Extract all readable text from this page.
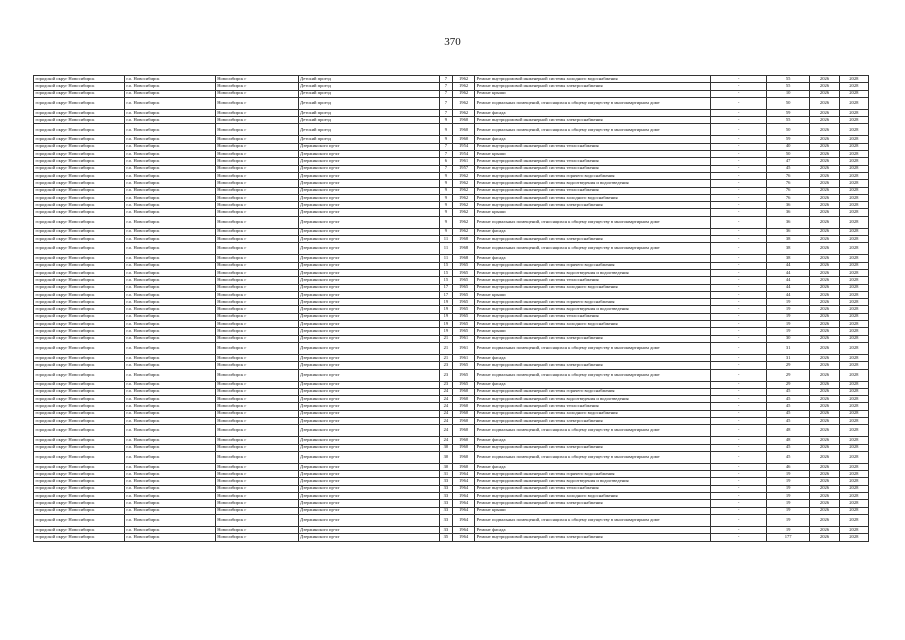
370
городской округ Новосибирск	г.о. Новосибирск	Новосибирск г	Детский проезд	7	1962	Ремонт внутридомовой инженерной системы холодного водоснабжения	-	55	2026	2028
городской округ Новосибирск	г.о. Новосибирск	Новосибирск г	Детский проезд	7	1962	Ремонт внутридомовой инженерной системы электроснабжения	-	55	2026	2028
городской округ Новосибирск	г.о. Новосибирск	Новосибирск г	Детский проезд	7	1962	Ремонт крыши	-	10	2026	2028
городской округ Новосибирск	г.о. Новосибирск	Новосибирск г	Детский проезд	7	1962	Ремонт подвальных помещений, относящихся к общему имуществу в многоквартирном доме	-	50	2026	2028
городской округ Новосибирск	г.о. Новосибирск	Новосибирск г	Детский проезд	7	1962	Ремонт фасада	-	59	2026	2028
городской округ Новосибирск	г.о. Новосибирск	Новосибирск г	Детский проезд	9	1960	Ремонт внутридомовой инженерной системы электроснабжения	-	55	2026	2028
городской округ Новосибирск	г.о. Новосибирск	Новосибирск г	Детский проезд	9	1960	Ремонт подвальных помещений, относящихся к общему имуществу в многоквартирном доме	-	50	2026	2028
городской округ Новосибирск	г.о. Новосибирск	Новосибирск г	Детский проезд	9	1960	Ремонт фасада	-	59	2026	2028
городской округ Новосибирск	г.о. Новосибирск	Новосибирск г	Дзержинского пр-кт	7	1954	Ремонт внутридомовой инженерной системы теплоснабжения	-	40	2026	2028
городской округ Новосибирск	г.о. Новосибирск	Новосибирск г	Дзержинского пр-кт	7	1954	Ремонт крыши	-	50	2026	2028
городской округ Новосибирск	г.о. Новосибирск	Новосибирск г	Дзержинского пр-кт	6	1961	Ремонт внутридомовой инженерной системы теплоснабжения	-	47	2026	2028
городской округ Новосибирск	г.о. Новосибирск	Новосибирск г	Дзержинского пр-кт	7	1957	Ремонт внутридомовой инженерной системы теплоснабжения	-	45	2026	2028
городской округ Новосибирск	г.о. Новосибирск	Новосибирск г	Дзержинского пр-кт	9	1962	Ремонт внутридомовой инженерной системы горячего водоснабжения	-	76	2026	2028
городской округ Новосибирск	г.о. Новосибирск	Новосибирск г	Дзержинского пр-кт	9	1962	Ремонт внутридомовой инженерной системы водоотведения и водоотведения	-	76	2026	2028
городской округ Новосибирск	г.о. Новосибирск	Новосибирск г	Дзержинского пр-кт	9	1962	Ремонт внутридомовой инженерной системы теплоснабжения	-	76	2026	2028
городской округ Новосибирск	г.о. Новосибирск	Новосибирск г	Дзержинского пр-кт	9	1962	Ремонт внутридомовой инженерной системы холодного водоснабжения	-	76	2026	2028
городской округ Новосибирск	г.о. Новосибирск	Новосибирск г	Дзержинского пр-кт	9	1962	Ремонт внутридомовой инженерной системы электроснабжения	-	36	2026	2028
городской округ Новосибирск	г.о. Новосибирск	Новосибирск г	Дзержинского пр-кт	9	1962	Ремонт крыши	-	36	2026	2028
городской округ Новосибирск	г.о. Новосибирск	Новосибирск г	Дзержинского пр-кт	9	1962	Ремонт подвальных помещений, относящихся к общему имуществу в многоквартирном доме	-	36	2026	2028
городской округ Новосибирск	г.о. Новосибирск	Новосибирск г	Дзержинского пр-кт	9	1962	Ремонт фасада	-	36	2026	2028
городской округ Новосибирск	г.о. Новосибирск	Новосибирск г	Дзержинского пр-кт	11	1968	Ремонт внутридомовой инженерной системы электроснабжения	-	38	2026	2028
городской округ Новосибирск	г.о. Новосибирск	Новосибирск г	Дзержинского пр-кт	11	1968	Ремонт подвальных помещений, относящихся к общему имуществу в многоквартирном доме	-	38	2026	2028
городской округ Новосибирск	г.о. Новосибирск	Новосибирск г	Дзержинского пр-кт	11	1968	Ремонт фасада	-	38	2026	2028
городской округ Новосибирск	г.о. Новосибирск	Новосибирск г	Дзержинского пр-кт	15	1965	Ремонт внутридомовой инженерной системы горячего водоснабжения	-	44	2026	2028
городской округ Новосибирск	г.о. Новосибирск	Новосибирск г	Дзержинского пр-кт	15	1965	Ремонт внутридомовой инженерной системы водоотведения и водоотведения	-	44	2026	2028
городской округ Новосибирск	г.о. Новосибирск	Новосибирск г	Дзержинского пр-кт	15	1965	Ремонт внутридомовой инженерной системы теплоснабжения	-	44	2026	2028
городской округ Новосибирск	г.о. Новосибирск	Новосибирск г	Дзержинского пр-кт	17	1965	Ремонт внутридомовой инженерной системы холодного водоснабжения	-	44	2026	2028
городской округ Новосибирск	г.о. Новосибирск	Новосибирск г	Дзержинского пр-кт	17	1965	Ремонт крыши	-	44	2026	2028
городской округ Новосибирск	г.о. Новосибирск	Новосибирск г	Дзержинского пр-кт	19	1965	Ремонт внутридомовой инженерной системы горячего водоснабжения	-	19	2026	2028
городской округ Новосибирск	г.о. Новосибирск	Новосибирск г	Дзержинского пр-кт	19	1965	Ремонт внутридомовой инженерной системы водоотведения и водоотведения	-	19	2026	2028
городской округ Новосибирск	г.о. Новосибирск	Новосибирск г	Дзержинского пр-кт	19	1965	Ремонт внутридомовой инженерной системы теплоснабжения	-	19	2026	2028
городской округ Новосибирск	г.о. Новосибирск	Новосибирск г	Дзержинского пр-кт	19	1965	Ремонт внутридомовой инженерной системы холодного водоснабжения	-	19	2026	2028
городской округ Новосибирск	г.о. Новосибирск	Новосибирск г	Дзержинского пр-кт	19	1965	Ремонт крыши	-	19	2026	2028
городской округ Новосибирск	г.о. Новосибирск	Новосибирск г	Дзержинского пр-кт	21	1961	Ремонт внутридомовой инженерной системы электроснабжения	-	30	2026	2028
городской округ Новосибирск	г.о. Новосибирск	Новосибирск г	Дзержинского пр-кт	21	1961	Ремонт подвальных помещений, относящихся к общему имуществу в многоквартирном доме	-	31	2026	2028
городской округ Новосибирск	г.о. Новосибирск	Новосибирск г	Дзержинского пр-кт	21	1961	Ремонт фасада	-	31	2026	2028
городской округ Новосибирск	г.о. Новосибирск	Новосибирск г	Дзержинского пр-кт	23	1965	Ремонт внутридомовой инженерной системы электроснабжения	-	29	2026	2028
городской округ Новосибирск	г.о. Новосибирск	Новосибирск г	Дзержинского пр-кт	23	1965	Ремонт подвальных помещений, относящихся к общему имуществу в многоквартирном доме	-	29	2026	2028
городской округ Новосибирск	г.о. Новосибирск	Новосибирск г	Дзержинского пр-кт	23	1965	Ремонт фасада	-	29	2026	2028
городской округ Новосибирск	г.о. Новосибирск	Новосибирск г	Дзержинского пр-кт	24	1960	Ремонт внутридомовой инженерной системы горячего водоснабжения	-	45	2026	2028
городской округ Новосибирск	г.о. Новосибирск	Новосибирск г	Дзержинского пр-кт	24	1960	Ремонт внутридомовой инженерной системы водоотведения и водоотведения	-	45	2026	2028
городской округ Новосибирск	г.о. Новосибирск	Новосибирск г	Дзержинского пр-кт	24	1960	Ремонт внутридомовой инженерной системы теплоснабжения	-	45	2026	2028
городской округ Новосибирск	г.о. Новосибирск	Новосибирск г	Дзержинского пр-кт	24	1960	Ремонт внутридомовой инженерной системы холодного водоснабжения	-	45	2026	2028
городской округ Новосибирск	г.о. Новосибирск	Новосибирск г	Дзержинского пр-кт	24	1960	Ремонт внутридомовой инженерной системы электроснабжения	-	45	2026	2028
городской округ Новосибирск	г.о. Новосибирск	Новосибирск г	Дзержинского пр-кт	24	1960	Ремонт подвальных помещений, относящихся к общему имуществу в многоквартирном доме	-	48	2026	2028
городской округ Новосибирск	г.о. Новосибирск	Новосибирск г	Дзержинского пр-кт	24	1960	Ремонт фасада	-	48	2026	2028
городской округ Новосибирск	г.о. Новосибирск	Новосибирск г	Дзержинского пр-кт	30	1960	Ремонт внутридомовой инженерной системы электроснабжения	-	45	2026	2028
городской округ Новосибирск	г.о. Новосибирск	Новосибирск г	Дзержинского пр-кт	30	1960	Ремонт подвальных помещений, относящихся к общему имуществу в многоквартирном доме	-	45	2026	2028
городской округ Новосибирск	г.о. Новосибирск	Новосибирск г	Дзержинского пр-кт	30	1960	Ремонт фасада	-	46	2026	2028
городской округ Новосибирск	г.о. Новосибирск	Новосибирск г	Дзержинского пр-кт	31	1964	Ремонт внутридомовой инженерной системы горячего водоснабжения	-	19	2026	2028
городской округ Новосибирск	г.о. Новосибирск	Новосибирск г	Дзержинского пр-кт	33	1964	Ремонт внутридомовой инженерной системы водоотведения и водоотведения	-	19	2026	2028
городской округ Новосибирск	г.о. Новосибирск	Новосибирск г	Дзержинского пр-кт	33	1964	Ремонт внутридомовой инженерной системы теплоснабжения	-	19	2026	2028
городской округ Новосибирск	г.о. Новосибирск	Новосибирск г	Дзержинского пр-кт	33	1964	Ремонт внутридомовой инженерной системы холодного водоснабжения	-	19	2026	2028
городской округ Новосибирск	г.о. Новосибирск	Новосибирск г	Дзержинского пр-кт	33	1964	Ремонт внутридомовой инженерной системы электроснабжения	-	19	2026	2028
городской округ Новосибирск	г.о. Новосибирск	Новосибирск г	Дзержинского пр-кт	33	1964	Ремонт крыши	-	19	2026	2028
городской округ Новосибирск	г.о. Новосибирск	Новосибирск г	Дзержинского пр-кт	33	1964	Ремонт подвальных помещений, относящихся к общему имуществу в многоквартирном доме	-	19	2026	2028
городской округ Новосибирск	г.о. Новосибирск	Новосибирск г	Дзержинского пр-кт	33	1964	Ремонт фасада	-	19	2026	2028
городской округ Новосибирск	г.о. Новосибирск	Новосибирск г	Дзержинского пр-кт	35	1964	Ремонт внутридомовой инженерной системы электроснабжения	-	177	2026	2028
